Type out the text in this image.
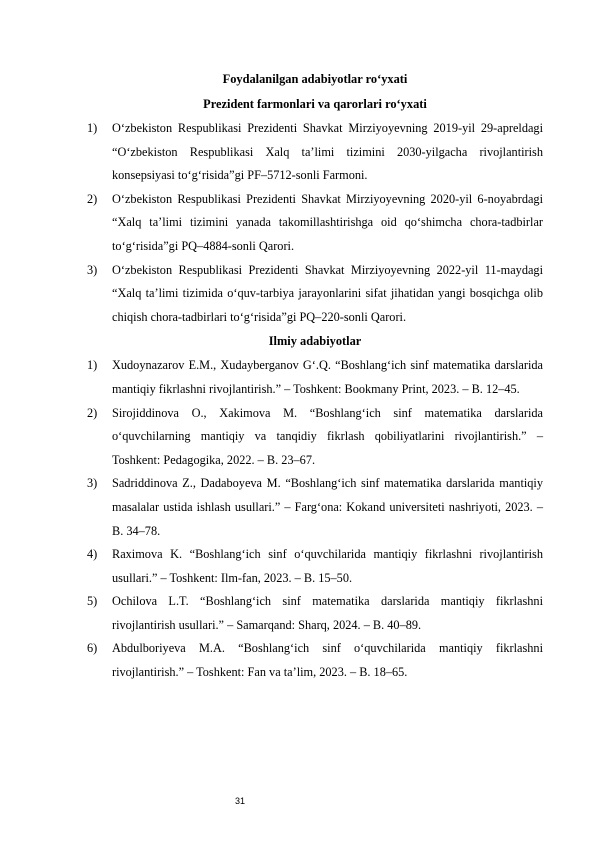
Foydalanilgan adabiyotlar ro‘yxati
Prezident farmonlari va qarorlari ro‘yxati
1)	O‘zbekiston Respublikasi Prezidenti Shavkat Mirziyoyevning 2019-yil 29-apreldagi “O‘zbekiston Respublikasi Xalq ta’limi tizimini 2030-yilgacha rivojlantirish konsepsiyasi to‘g‘risida”gi PF–5712-sonli Farmoni.
2)	O‘zbekiston Respublikasi Prezidenti Shavkat Mirziyoyevning 2020-yil 6-noyabrdagi “Xalq ta’limi tizimini yanada takomillashtirishga oid qo‘shimcha chora-tadbirlar to‘g‘risida”gi PQ–4884-sonli Qarori.
3)	O‘zbekiston Respublikasi Prezidenti Shavkat Mirziyoyevning 2022-yil 11-maydagi “Xalq ta’limi tizimida o‘quv-tarbiya jarayonlarini sifat jihatidan yangi bosqichga olib chiqish chora-tadbirlari to‘g‘risida”gi PQ–220-sonli Qarori.
Ilmiy adabiyotlar
1)	Xudoynazarov E.M., Xudayberganov G‘.Q. “Boshlang‘ich sinf matematika darslarida mantiqiy fikrlashni rivojlantirish.” – Toshkent: Bookmany Print, 2023. – B. 12–45.
2)	Sirojiddinova O., Xakimova M. “Boshlang‘ich sinf matematika darslarida o‘quvchilarning mantiqiy va tanqidiy fikrlash qobiliyatlarini rivojlantirish.” – Toshkent: Pedagogika, 2022. – B. 23–67.
3)	Sadriddinova Z., Dadaboyeva M. “Boshlang‘ich sinf matematika darslarida mantiqiy masalalar ustida ishlash usullari.” – Farg‘ona: Kokand universiteti nashriyoti, 2023. – B. 34–78.
4)	Raximova K. “Boshlang‘ich sinf o‘quvchilarida mantiqiy fikrlashni rivojlantirish usullari.” – Toshkent: Ilm-fan, 2023. – B. 15–50.
5)	Ochilova L.T. “Boshlang‘ich sinf matematika darslarida mantiqiy fikrlashni rivojlantirish usullari.” – Samarqand: Sharq, 2024. – B. 40–89.
6)	Abdulboriyeva M.A. “Boshlang‘ich sinf o‘quvchilarida mantiqiy fikrlashni rivojlantirish.” – Toshkent: Fan va ta’lim, 2023. – B. 18–65.
31
